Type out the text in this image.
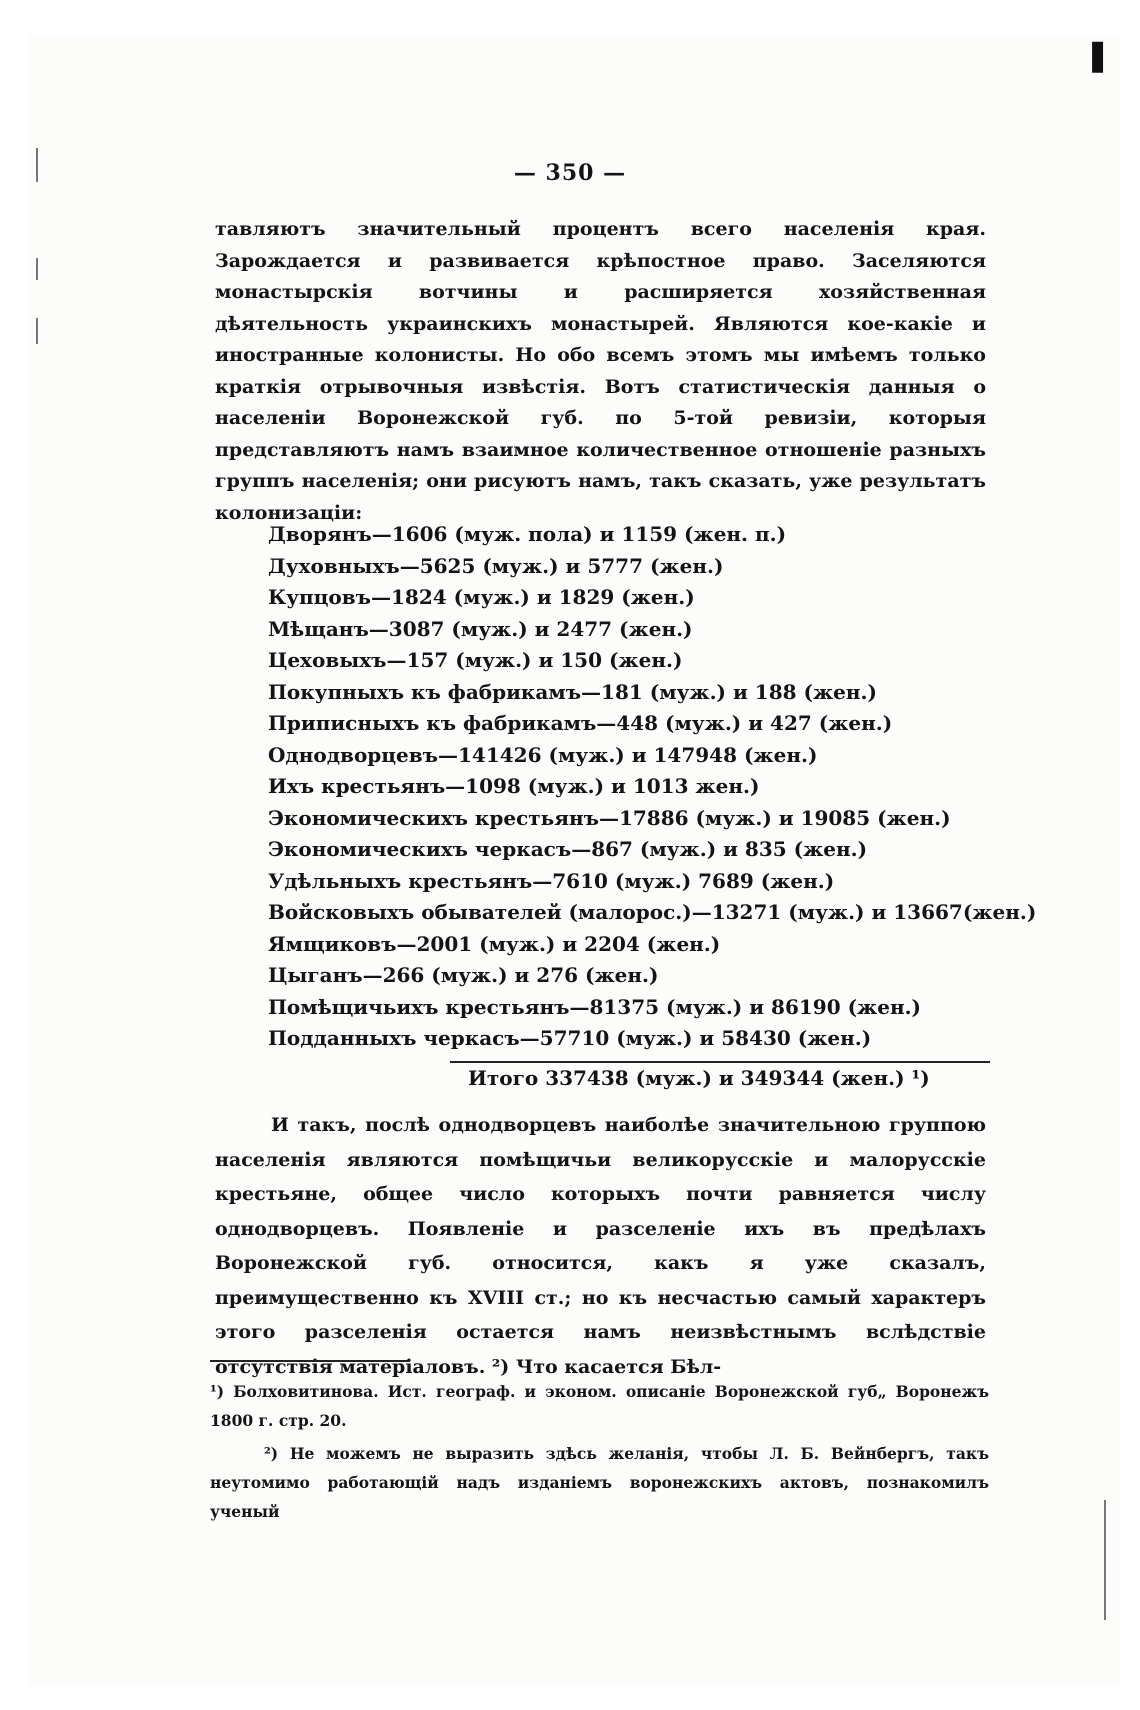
❚
— 350 —
тавляютъ значительный процентъ всего населенія края. Зарождается и развивается крѣпостное право. Заселяются монастырскія вотчины и расширяется хозяйственная дѣятельность украинскихъ монастырей. Являются кое-какіе и иностранные колонисты. Но обо всемъ этомъ мы имѣемъ только краткія отрывочныя извѣстія. Вотъ статистическія данныя о населеніи Воронежской губ. по 5-той ревизіи, которыя представляютъ намъ взаимное количественное отношеніе разныхъ группъ населенія; они рисуютъ намъ, такъ сказать, уже результатъ колонизаціи:
Дворянъ—1606 (муж. пола) и 1159 (жен. п.)
Духовныхъ—5625 (муж.) и 5777 (жен.)
Купцовъ—1824 (муж.) и 1829 (жен.)
Мѣщанъ—3087 (муж.) и 2477 (жен.)
Цеховыхъ—157 (муж.) и 150 (жен.)
Покупныхъ къ фабрикамъ—181 (муж.) и 188 (жен.)
Приписныхъ къ фабрикамъ—448 (муж.) и 427 (жен.)
Однодворцевъ—141426 (муж.) и 147948 (жен.)
Ихъ крестьянъ—1098 (муж.) и 1013 жен.)
Экономическихъ крестьянъ—17886 (муж.) и 19085 (жен.)
Экономическихъ черкасъ—867 (муж.) и 835 (жен.)
Удѣльныхъ крестьянъ—7610 (муж.) 7689 (жен.)
Войсковыхъ обывателей (малорос.)—13271 (муж.) и 13667(жен.)
Ямщиковъ—2001 (муж.) и 2204 (жен.)
Цыганъ—266 (муж.) и 276 (жен.)
Помѣщичьихъ крестьянъ—81375 (муж.) и 86190 (жен.)
Подданныхъ черкасъ—57710 (муж.) и 58430 (жен.)
Итого 337438 (муж.) и 349344 (жен.) ¹)
И такъ, послѣ однодворцевъ наиболѣе значительною группою населенія являются помѣщичьи великорусскіе и малорусскіе крестьяне, общее число которыхъ почти равняется числу однодворцевъ. Появленіе и разселеніе ихъ въ предѣлахъ Воронежской губ. относится, какъ я уже сказалъ, преимущественно къ XVIII ст.; но къ несчастью самый характеръ этого разселенія остается намъ неизвѣстнымъ вслѣдствіе отсутствія матеріаловъ. ²) Что касается Бѣл-

¹) Болховитинова. Ист. географ. и эконом. описаніе Воронежской губ„ Воронежъ 1800 г. стр. 20.

²) Не можемъ не выразить здѣсь желанія, чтобы Л. Б. Вейнбергъ, такъ неутомимо работающій надъ изданіемъ воронежскихъ актовъ, познакомилъ ученый
